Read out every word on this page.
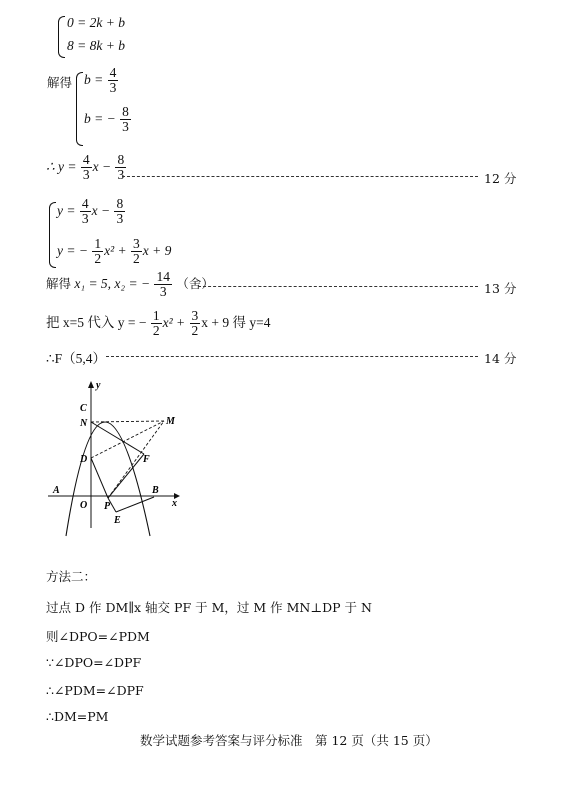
0 = 2k + b
8 = 8k + b
解得 $b = \frac{4}{3}$
b = − $\frac{8}{3}$
∴ $y = \frac{4}{3}$ $x - \frac{8}{3}$	12 分
$y = \frac{4}{3}$ $x - \frac{8}{3}$
y = − $\frac{1}{2} x^2 + \frac{3}{2}$ x + 9
解得 x₁ = 5, x₂ = − $\frac{14}{3}$ （舍）	13 分
把 x=5 代入 y = − $\frac{1}{2} x^2 + \frac{3}{2}$ x + 9 得 y=4
∴F（5,4）	14 分
y
x
C
N	M
D	F
A	B
O P
E
方法二：
过点 D 作 DM∥x 轴交 PF 于 M，过 M 作 MN⊥DP 于 N
则∠DPO=∠PDM
∵∠DPO=∠DPF
∴∠PDM=∠DPF
∴DM=PM
数学试题参考答案与评分标准　第 12 页（共 15 页）
